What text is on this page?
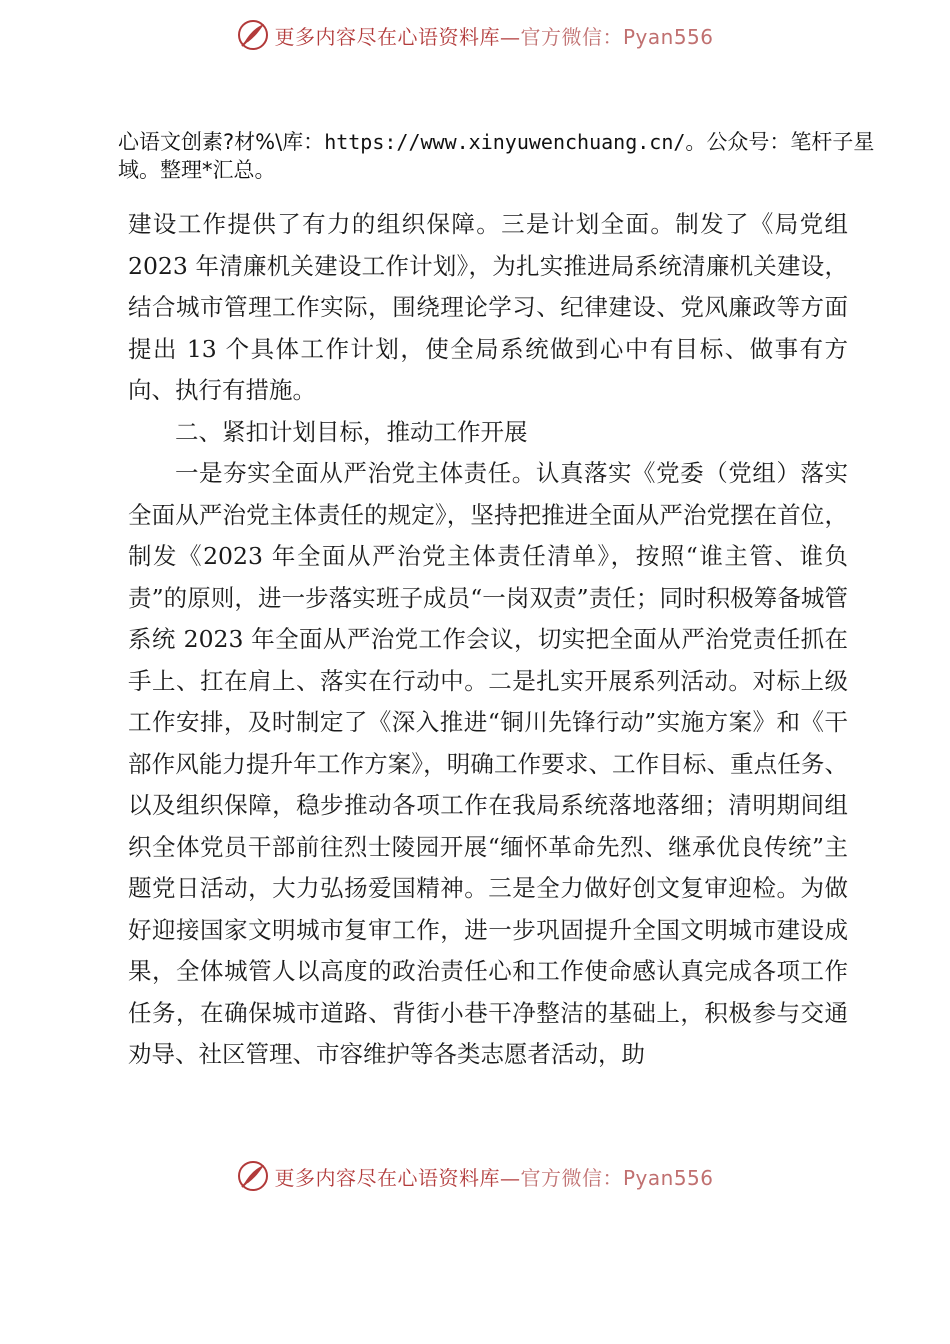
更多内容尽在心语资料库—官方微信：Pyan556
心语文创素?材%\库：https://www.xinyuwenchuang.cn/。公众号：笔杆子星域。整理*汇总。

建设工作提供了有力的组织保障。三是计划全面。制发了《局党组 2023 年清廉机关建设工作计划》，为扎实推进局系统清廉机关建设，结合城市管理工作实际，围绕理论学习、纪律建设、党风廉政等方面提出 13 个具体工作计划，使全局系统做到心中有目标、做事有方向、执行有措施。

二、紧扣计划目标，推动工作开展

一是夯实全面从严治党主体责任。认真落实《党委（党组）落实全面从严治党主体责任的规定》，坚持把推进全面从严治党摆在首位，制发《2023 年全面从严治党主体责任清单》，按照“谁主管、谁负责”的原则，进一步落实班子成员“一岗双责”责任；同时积极筹备城管系统 2023 年全面从严治党工作会议，切实把全面从严治党责任抓在手上、扛在肩上、落实在行动中。二是扎实开展系列活动。对标上级工作安排，及时制定了《深入推进“铜川先锋行动”实施方案》和《干部作风能力提升年工作方案》，明确工作要求、工作目标、重点任务、以及组织保障，稳步推动各项工作在我局系统落地落细；清明期间组织全体党员干部前往烈士陵园开展“缅怀革命先烈、继承优良传统”主题党日活动，大力弘扬爱国精神。三是全力做好创文复审迎检。为做好迎接国家文明城市复审工作，进一步巩固提升全国文明城市建设成果，全体城管人以高度的政治责任心和工作使命感认真完成各项工作任务，在确保城市道路、背街小巷干净整洁的基础上，积极参与交通劝导、社区管理、市容维护等各类志愿者活动，助

更多内容尽在心语资料库—官方微信：Pyan556
